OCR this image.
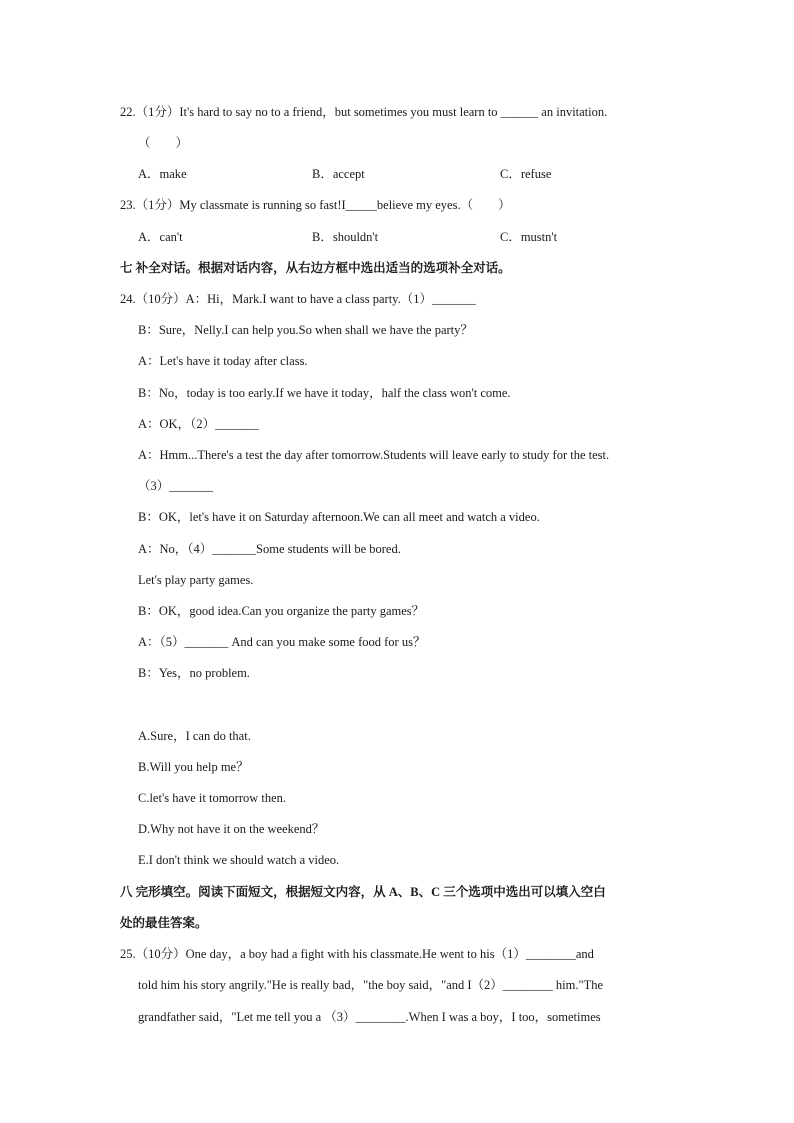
22.（1分）It's hard to say no to a friend，but sometimes you must learn to ______ an invitation.
（　　）
A．make	B．accept	C．refuse
23.（1分）My classmate is running so fast!I_____believe my eyes.（　　）
A．can't	B．shouldn't	C．mustn't
七 补全对话。根据对话内容，从右边方框中选出适当的选项补全对话。
24.（10分）A：Hi，Mark.I want to have a class party.（1）_______
B：Sure，Nelly.I can help you.So when shall we have the party？
A：Let's have it today after class.
B：No，today is too early.If we have it today，half the class won't come.
A：OK，（2）_______
A：Hmm...There's a test the day after tomorrow.Students will leave early to study for the test.
（3）_______
B：OK，let's have it on Saturday afternoon.We can all meet and watch a video.
A：No，（4）_______Some students will be bored.
Let's play party games.
B：OK，good idea.Can you organize the party games？
A：（5）_______ And can you make some food for us？
B：Yes，no problem.
A.Sure，I can do that.
B.Will you help me？
C.let's have it tomorrow then.
D.Why not have it on the weekend？
E.I don't think we should watch a video.
八 完形填空。阅读下面短文，根据短文内容，从 A、B、C 三个选项中选出可以填入空白
处的最佳答案。
25.（10分）One day，a boy had a fight with his classmate.He went to his（1）________and
told him his story angrily."He is really bad，"the boy said，"and I（2）________ him."The
grandfather said，"Let me tell you a （3）________.When I was a boy，I too，sometimes
